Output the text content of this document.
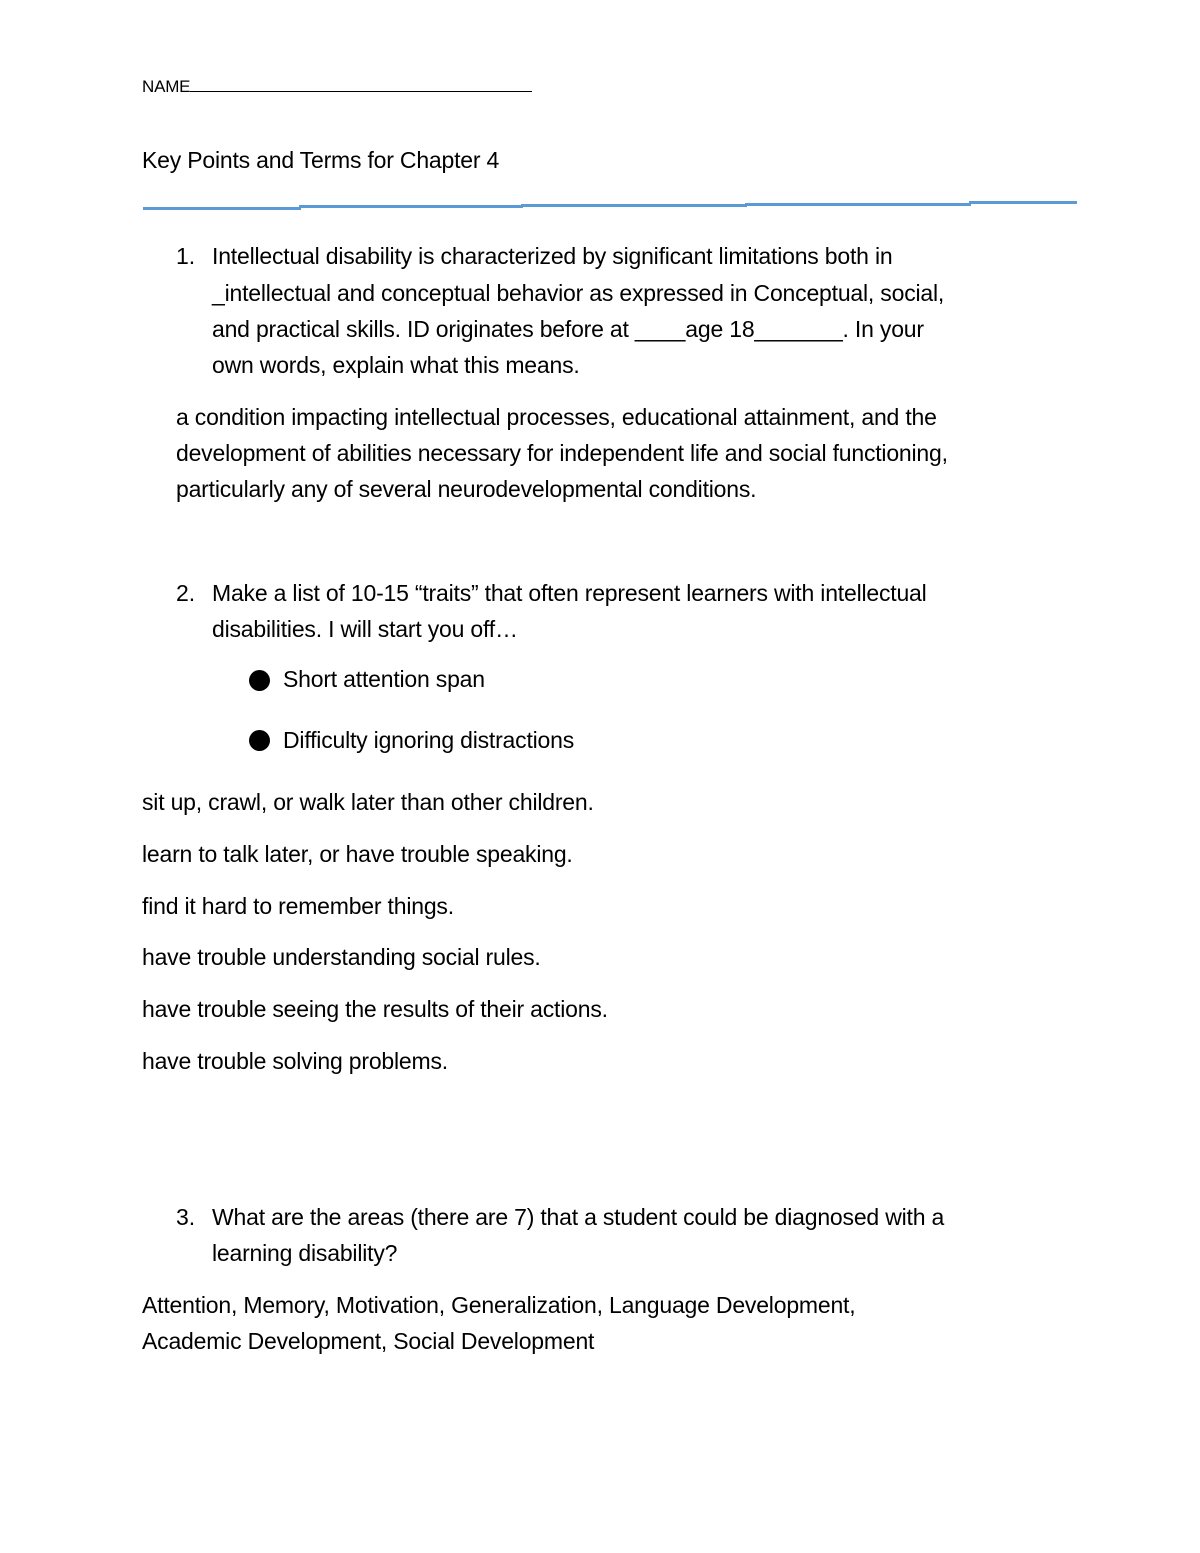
NAME
Key Points and Terms for Chapter 4
1. Intellectual disability is characterized by significant limitations both in
_intellectual and conceptual behavior as expressed in Conceptual, social,
and practical skills. ID originates before at ____age 18_______. In your
own words, explain what this means.
a condition impacting intellectual processes, educational attainment, and the
development of abilities necessary for independent life and social functioning,
particularly any of several neurodevelopmental conditions.
2. Make a list of 10-15 “traits” that often represent learners with intellectual
disabilities. I will start you off…
Short attention span
Difficulty ignoring distractions
sit up, crawl, or walk later than other children.
learn to talk later, or have trouble speaking.
find it hard to remember things.
have trouble understanding social rules.
have trouble seeing the results of their actions.
have trouble solving problems.
3. What are the areas (there are 7) that a student could be diagnosed with a
learning disability?
Attention, Memory, Motivation, Generalization, Language Development,
Academic Development, Social Development
